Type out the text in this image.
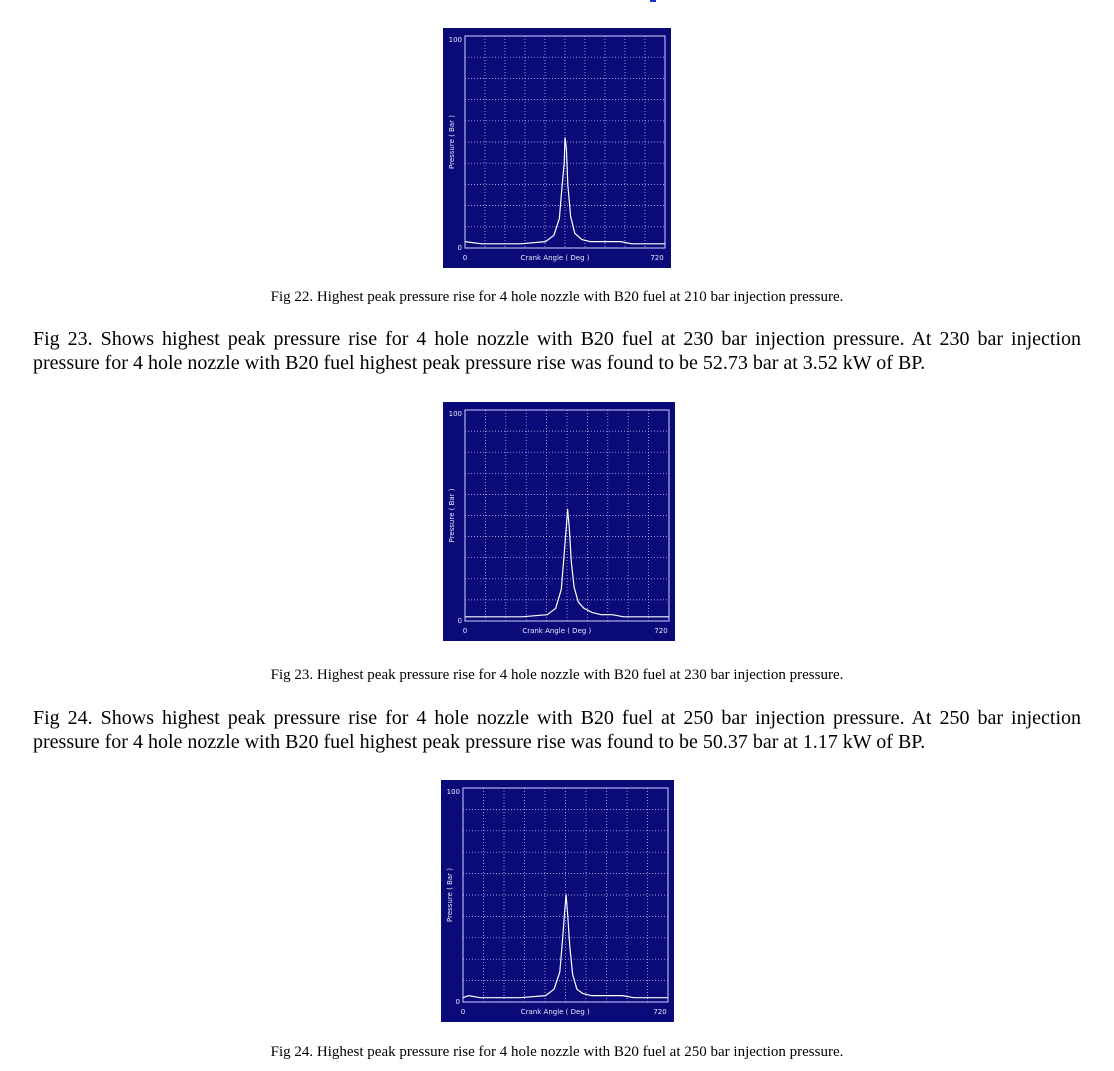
0
100
0	720
Crank Angle ( Deg )
Pressure ( Bar )
Fig 22. Highest peak pressure rise for 4 hole nozzle with B20 fuel at 210 bar injection pressure.

Fig 23. Shows highest peak pressure rise for 4 hole nozzle with B20 fuel at 230 bar injection pressure. At 230 bar injection pressure for 4 hole nozzle with B20 fuel highest peak pressure rise was found to be 52.73 bar at 3.52 kW of BP.

0
100
0	720
Crank Angle ( Deg )
Pressure ( Bar )
Fig 23. Highest peak pressure rise for 4 hole nozzle with B20 fuel at 230 bar injection pressure.

Fig 24. Shows highest peak pressure rise for 4 hole nozzle with B20 fuel at 250 bar injection pressure. At 250 bar injection pressure for 4 hole nozzle with B20 fuel highest peak pressure rise was found to be 50.37 bar at 1.17 kW of BP.

0
100
0	720
Crank Angle ( Deg )
Pressure ( Bar )
Fig 24. Highest peak pressure rise for 4 hole nozzle with B20 fuel at 250 bar injection pressure.
